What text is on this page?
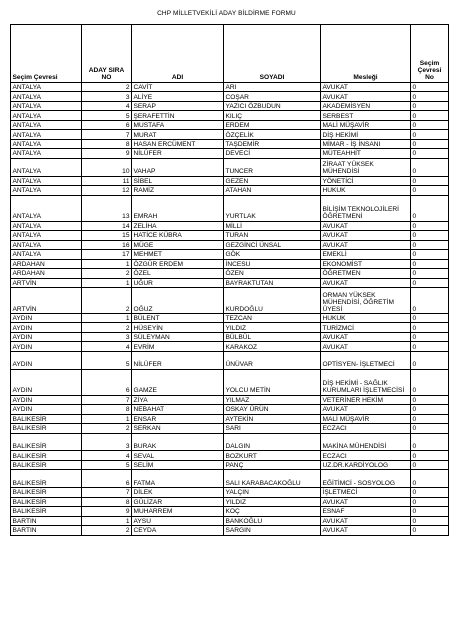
CHP MİLLETVEKİLİ ADAY BİLDİRME FORMU
Seçim Çevresi	ADAY SIRA NO	ADI	SOYADI	Mesleği	Seçim Çevresi No
ANTALYA	2	CAVİT	ARI	AVUKAT	0
ANTALYA	3	ALİYE	COŞAR	AVUKAT	0
ANTALYA	4	SERAP	YAZICI ÖZBUDUN	AKADEMİSYEN	0
ANTALYA	5	ŞERAFETTİN	KILIÇ	SERBEST	0
ANTALYA	6	MUSTAFA	ERDEM	MALİ MÜŞAVİR	0
ANTALYA	7	MURAT	ÖZÇELİK	DİŞ HEKİMİ	0
ANTALYA	8	HASAN ERCÜMENT	TAŞDEMİR	MİMAR - İŞ İNSANI	0
ANTALYA	9	NİLÜFER	DEVECİ	MÜTEAHHİT	0
ANTALYA	10	VAHAP	TUNCER	ZİRAAT YÜKSEK MÜHENDİSİ	0
ANTALYA	11	SİBEL	GEZEN	YÖNETİCİ	0
ANTALYA	12	RAMİZ	ATAHAN	HUKUK	0
ANTALYA	13	EMRAH	YURTLAK	BİLİŞİM TEKNOLOJİLERİ ÖĞRETMENİ	0
ANTALYA	14	ZELİHA	MİLLİ	AVUKAT	0
ANTALYA	15	HATİCE KÜBRA	TURAN	AVUKAT	0
ANTALYA	16	MÜGE	GEZGİNCİ ÜNSAL	AVUKAT	0
ANTALYA	17	MEHMET	GÖK	EMEKLİ	0
ARDAHAN	1	ÖZGÜR ERDEM	İNCESU	EKONOMİST	0
ARDAHAN	2	ÖZEL	ÖZEN	ÖĞRETMEN	0
ARTVİN	1	UĞUR	BAYRAKTUTAN	AVUKAT	0
ARTVİN	2	OĞUZ	KURDOĞLU	ORMAN YÜKSEK MÜHENDİSİ, ÖĞRETİM ÜYESİ	0
AYDIN	1	BÜLENT	TEZCAN	HUKUK	0
AYDIN	2	HÜSEYİN	YILDIZ	TURİZMCİ	0
AYDIN	3	SÜLEYMAN	BÜLBÜL	AVUKAT	0
AYDIN	4	EVRİM	KARAKOZ	AVUKAT	0
AYDIN	5	NİLÜFER	ÜNÜVAR	OPTİSYEN- İŞLETMECİ	0
AYDIN	6	GAMZE	YOLCU METİN	DİŞ HEKİMİ - SAĞLIK KURUMLARI İŞLETMECİSİ	0
AYDIN	7	ZİYA	YILMAZ	VETERİNER HEKİM	0
AYDIN	8	NEBAHAT	OSKAY ÜRÜN	AVUKAT	0
BALIKESİR	1	ENSAR	AYTEKİN	MALİ MÜŞAVİR	0
BALIKESİR	2	SERKAN	SARI	ECZACI	0
BALIKESİR	3	BURAK	DALGIN	MAKİNA MÜHENDİSİ	0
BALIKESİR	4	SEVAL	BOZKURT	ECZACI	0
BALIKESİR	5	SELİM	PANÇ	UZ.DR.KARDİYOLOG	0
BALIKESİR	6	FATMA	SALI KARABACAKOĞLU	EĞİTİMCİ - SOSYOLOG	0
BALIKESİR	7	DİLEK	YALÇIN	İŞLETMECİ	0
BALIKESİR	8	GÜLİZAR	YILDIZ	AVUKAT	0
BALIKESİR	9	MUHARREM	KOÇ	ESNAF	0
BARTIN	1	AYSU	BANKOĞLU	AVUKAT	0
BARTIN	2	CEYDA	SARGIN	AVUKAT	0
